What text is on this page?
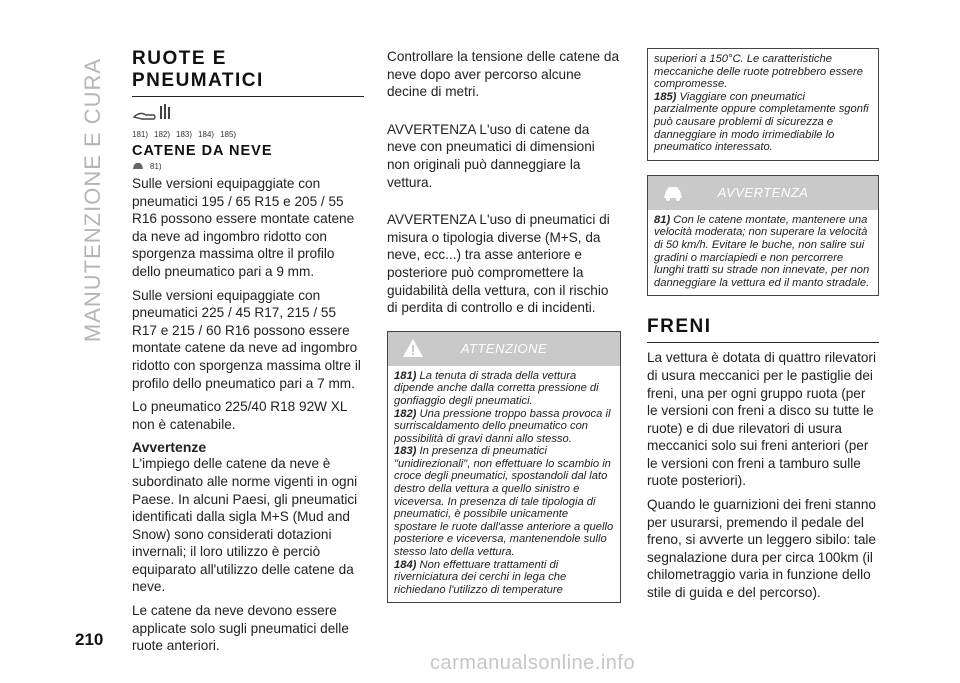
MANUTENZIONE E CURA RUOTE E
PNEUMATICI
181) 182) 183) 184) 185)
CATENE DA NEVE
81)

Sulle versioni equipaggiate con pneumatici 195 / 65 R15 e 205 / 55 R16 possono essere montate catene da neve ad ingombro ridotto con sporgenza massima oltre il profilo dello pneumatico pari a 9 mm.

Sulle versioni equipaggiate con pneumatici 225 / 45 R17, 215 / 55 R17 e 215 / 60 R16 possono essere montate catene da neve ad ingombro ridotto con sporgenza massima oltre il profilo dello pneumatico pari a 7 mm.

Lo pneumatico 225/40 R18 92W XL non è catenabile.

Avvertenze

L'impiego delle catene da neve è subordinato alle norme vigenti in ogni Paese. In alcuni Paesi, gli pneumatici identificati dalla sigla M+S (Mud and Snow) sono considerati dotazioni invernali; il loro utilizzo è perciò equiparato all'utilizzo delle catene da neve.

Le catene da neve devono essere applicate solo sugli pneumatici delle ruote anteriori.

Controllare la tensione delle catene da neve dopo aver percorso alcune decine di metri.

AVVERTENZA L'uso di catene da neve con pneumatici di dimensioni non originali può danneggiare la vettura.

AVVERTENZA L'uso di pneumatici di misura o tipologia diverse (M+S, da neve, ecc...) tra asse anteriore e posteriore può compromettere la guidabilità della vettura, con il rischio di perdita di controllo e di incidenti.

ATTENZIONE

181) La tenuta di strada della vettura dipende anche dalla corretta pressione di gonfiaggio degli pneumatici.

182) Una pressione troppo bassa provoca il surriscaldamento dello pneumatico con possibilità di gravi danni allo stesso.

183) In presenza di pneumatici "unidirezionali", non effettuare lo scambio in croce degli pneumatici, spostandoli dal lato destro della vettura a quello sinistro e viceversa. In presenza di tale tipologia di pneumatici, è possibile unicamente spostare le ruote dall'asse anteriore a quello posteriore e viceversa, mantenendole sullo stesso lato della vettura.

184) Non effettuare trattamenti di riverniciatura dei cerchi in lega che richiedano l'utilizzo di temperature

superiori a 150°C. Le caratteristiche meccaniche delle ruote potrebbero essere compromesse.

185) Viaggiare con pneumatici parzialmente oppure completamente sgonfi può causare problemi di sicurezza e danneggiare in modo irrimediabile lo pneumatico interessato.

AVVERTENZA

81) Con le catene montate, mantenere una velocità moderata; non superare la velocità di 50 km/h. Evitare le buche, non salire sui gradini o marciapiedi e non percorrere lunghi tratti su strade non innevate, per non danneggiare la vettura ed il manto stradale.

FRENI

La vettura è dotata di quattro rilevatori di usura meccanici per le pastiglie dei freni, una per ogni gruppo ruota (per le versioni con freni a disco su tutte le ruote) e di due rilevatori di usura meccanici solo sui freni anteriori (per le versioni con freni a tamburo sulle ruote posteriori).

Quando le guarnizioni dei freni stanno per usurarsi, premendo il pedale del freno, si avverte un leggero sibilo: tale segnalazione dura per circa 100km (il chilometraggio varia in funzione dello stile di guida e del percorso).

210
carmanualsonline.info
